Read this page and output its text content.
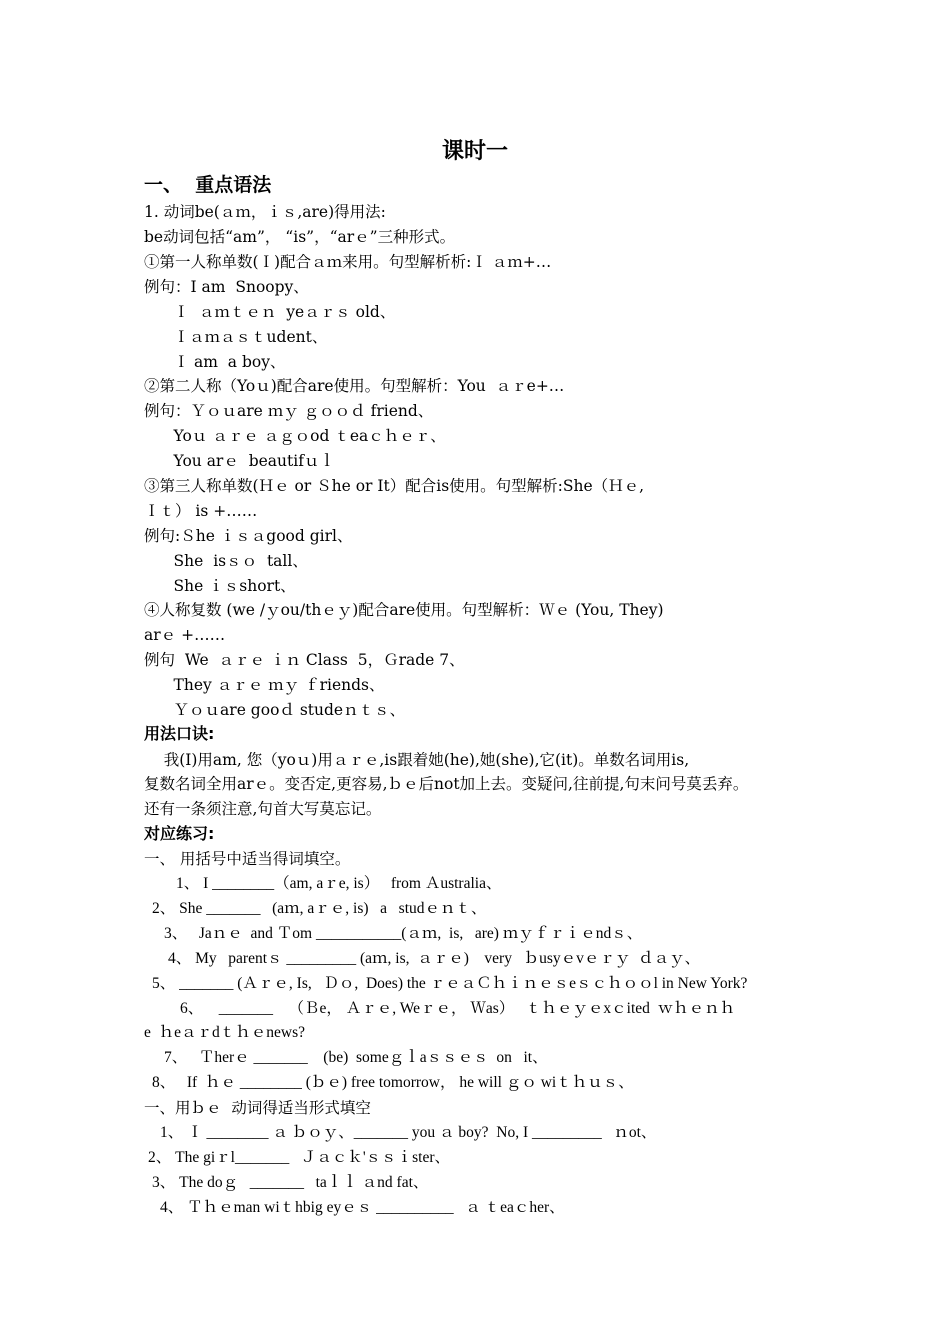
课时一
一、  重点语法
1. 动词be(ａｍ，ｉｓ,are)得用法:
be动词包括“am”， “is”，“arｅ”三种形式。
①第一人称单数(Ｉ)配合ａｍ来用。句型解析析:Ｉ ａｍ+…
例句：I am  Snoopy、
Ｉ  ａｍｔｅｎ  yeａｒｓ old、
Ｉａｍａｓｔudent、
Ｉ am  a boy、
②第二人称（Yoｕ)配合are使用。句型解析：You  ａｒe+…
例句：Ｙｏｕare ｍｙ ｇｏｏｄ friend、
Yoｕ ａｒｅ ａｇｏod ｔeaｃｈｅｒ、
You arｅ  beautifｕｌ
③第三人称单数(Ｈｅ or Ｓhe or It）配合is使用。句型解析:She（Ｈｅ,
Ｉｔ） is +……
例句:Ｓhe ｉｓａgood girl、
She  isｓｏ  tall、
She ｉｓshort、
④人称复数 (we /ｙou/thｅｙ)配合are使用。句型解析：Ｗｅ (You, They)
arｅ +……
例句  We  ａｒｅ ｉｎ Class  5，Ｇrade 7、
They ａｒｅ ｍｙ ｆriends、
Ｙｏｕare gooｄ studeｎｔｓ、
用法口诀:
我(I)用am, 您（yoｕ)用ａｒｅ,is跟着她(he),她(she),它(it)。单数名词用is,
复数名词全用arｅ。变否定,更容易,ｂｅ后not加上去。变疑问,往前提,句末问号莫丢弃。
还有一条须注意,句首大写莫忘记。
对应练习:
一、 用括号中适当得词填空。
1、 I ________（am, aｒe, is）   from Ａustralia、
2、 She _______   (aｍ, aｒｅ, is)   a   studｅｎｔ、
3、   Jaｎｅ  and Ｔom ___________(ａｍ,  is,   are) ｍｙｆｒｉｅndｓ、
4、 My   parentｓ _________ (aｍ, is,  ａｒｅ)    very   ｂusyｅvｅｒｙ  ｄａｙ、
5、 _______ (Ａｒｅ, Is,   Ｄｏ,  Does) the ｒｅａＣｈｉｎｅｓeｓｃｈｏｏl in New York?
6、    _______    （Ｂe， Ａｒｅ, Weｒｅ， Ｗas）   ｔｈｅｙｅxｃited  ｗｈｅｎｈ
e  ｈeａｒdｔｈｅnews?
7、   Ｔherｅ _______    (be)  someｇｌaｓｓｅｓ  on   it、
8、   If  ｈｅ ________ (ｂｅ) free tomorrow， he will ｇｏ wiｔｈｕｓ、
一、用ｂｅ  动词得适当形式填空
1、 Ｉ ________ ａ ｂｏｙ、_______ you ａ boy?  No, I _________   ｎot、
2、 The giｒl_______   Ｊａｃｋ'ｓｓｉster、
3、 The doｇ   _______   taｌｌ ａnd fat、
4、 Ｔｈｅman wiｔhbig eyｅｓ __________   ａ ｔeaｃher、
